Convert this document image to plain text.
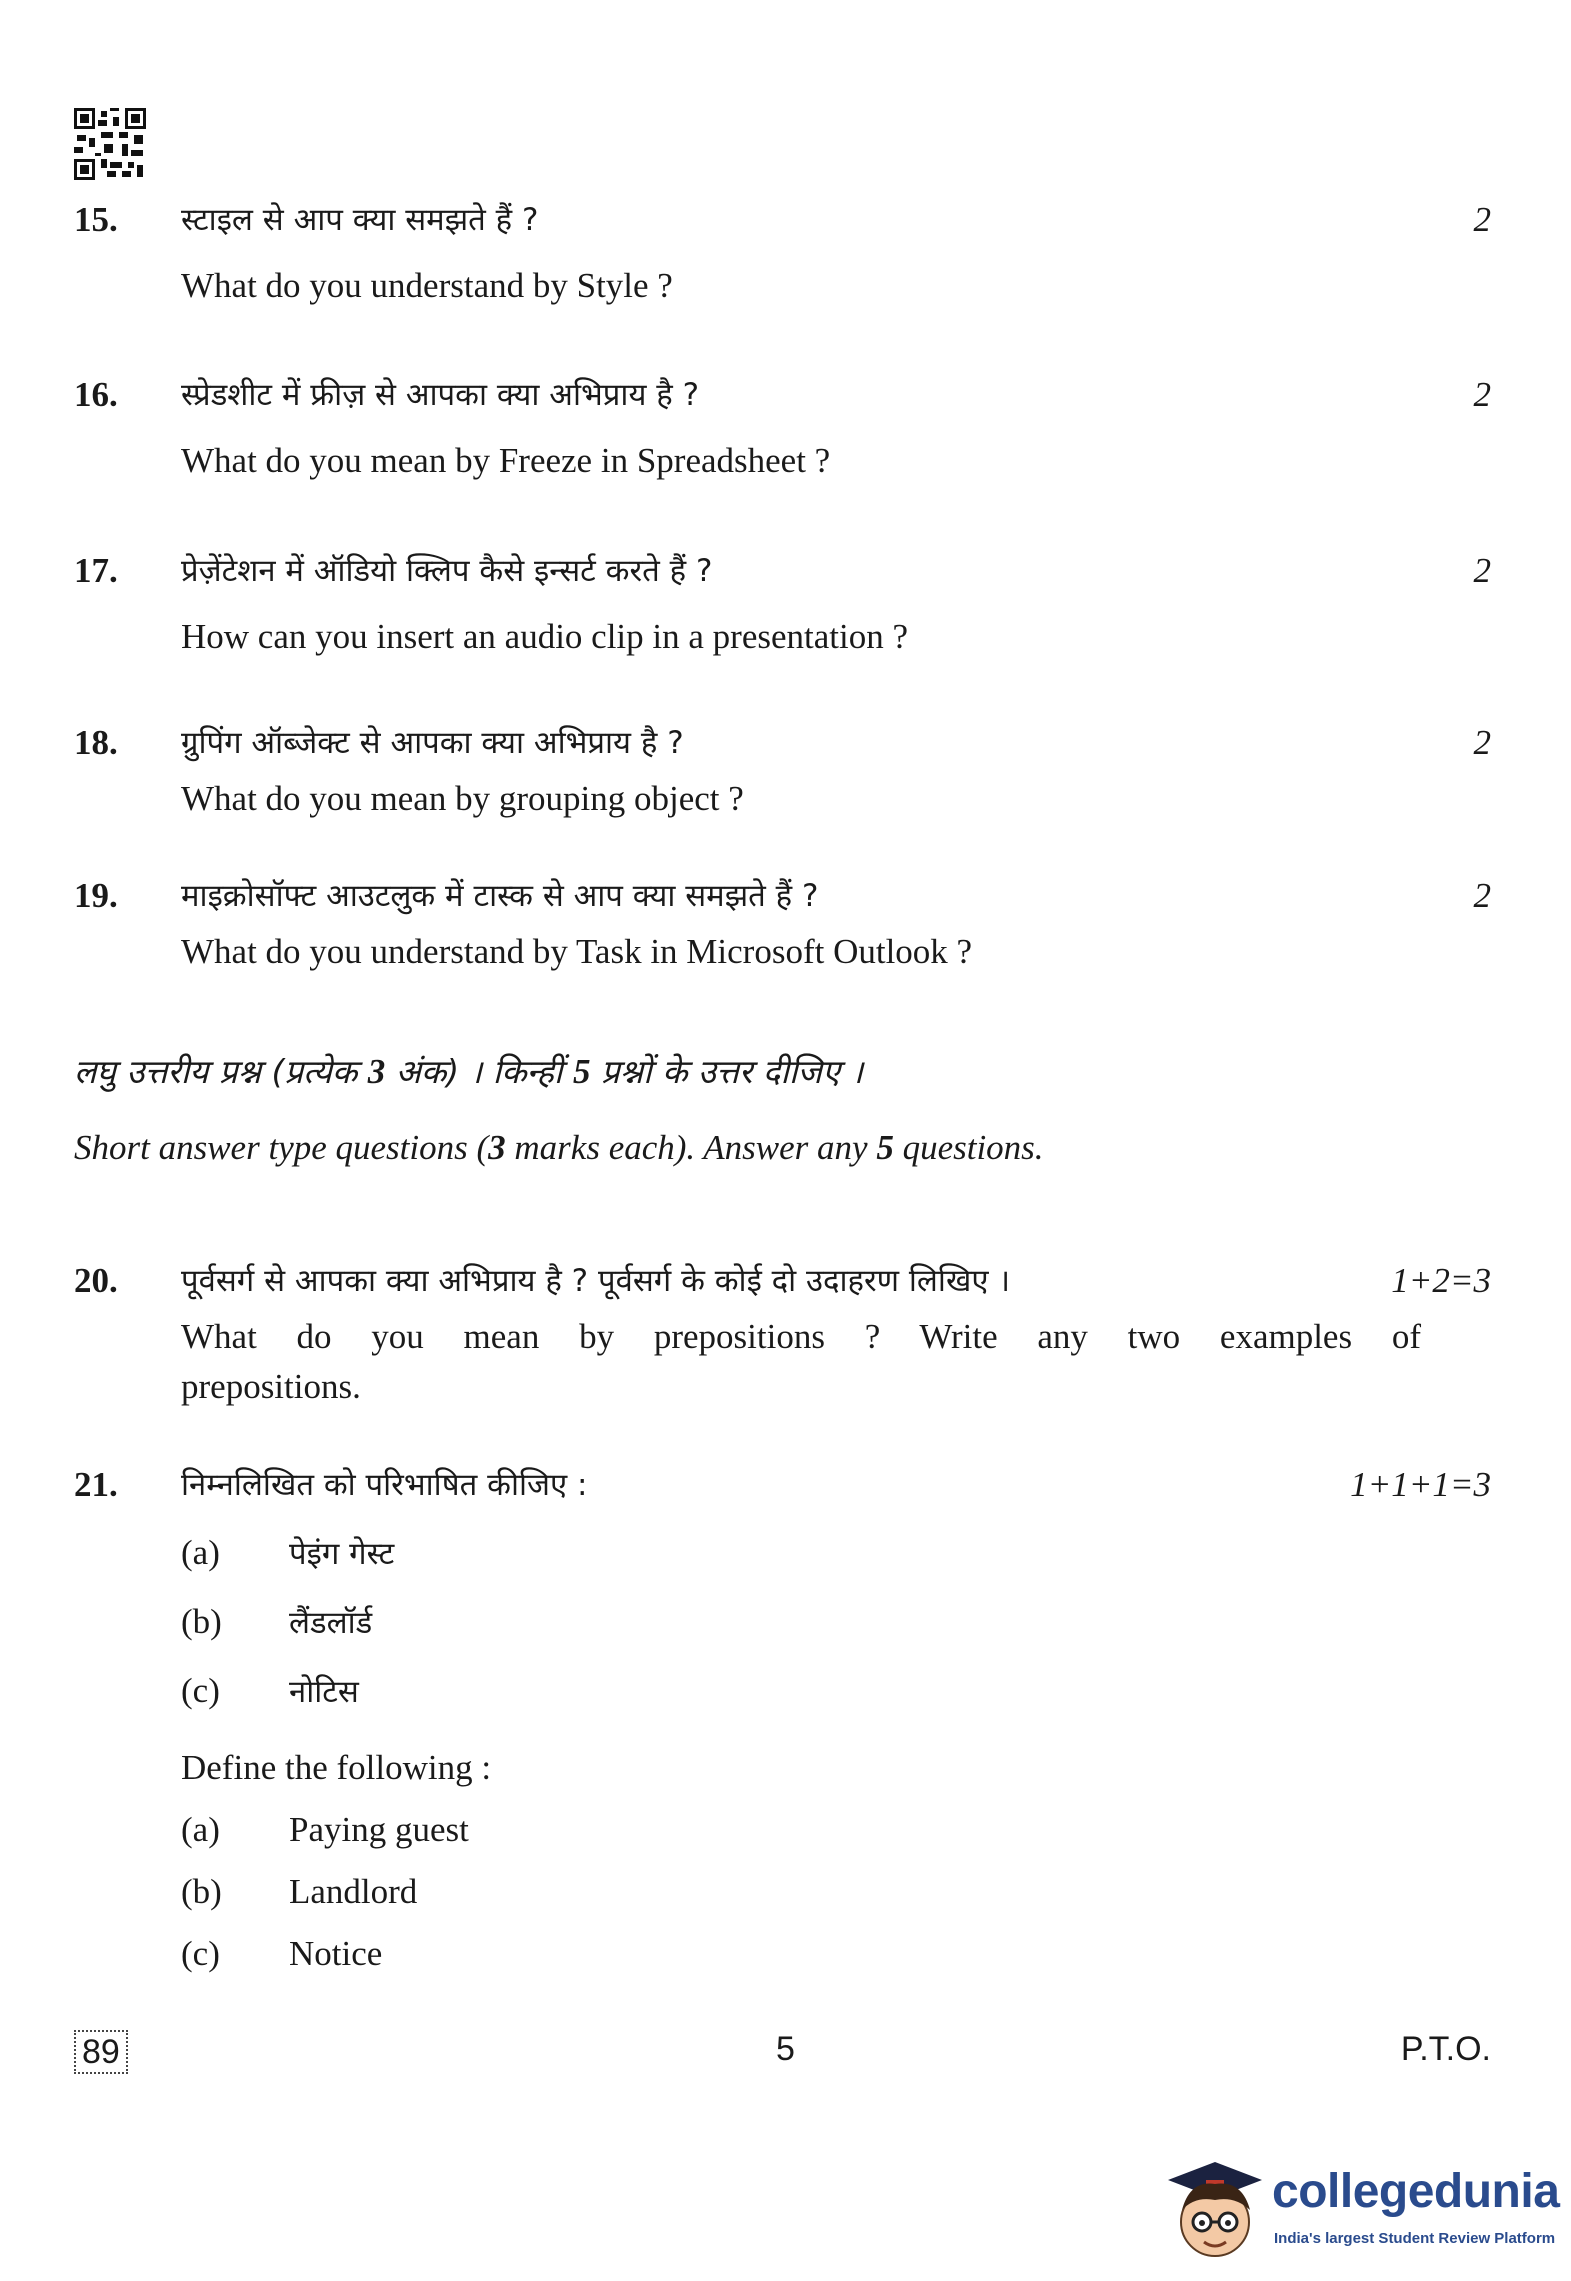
15. स्टाइल से आप क्या समझते हैं ?
What do you understand by Style ?
2
16. स्प्रेडशीट में फ्रीज़ से आपका क्या अभिप्राय है ?
What do you mean by Freeze in Spreadsheet ?
2
17. प्रेज़ेंटेशन में ऑडियो क्लिप कैसे इन्सर्ट करते हैं ?
How can you insert an audio clip in a presentation ?
2
18. ग्रुपिंग ऑब्जेक्ट से आपका क्या अभिप्राय है ?
What do you mean by grouping object ?
2
19. माइक्रोसॉफ्ट आउटलुक में टास्क से आप क्या समझते हैं ?
What do you understand by Task in Microsoft Outlook ?
2
लघु उत्तरीय प्रश्न (प्रत्येक 3 अंक) । किन्हीं 5 प्रश्नों के उत्तर दीजिए ।
Short answer type questions (3 marks each). Answer any 5 questions.
20. पूर्वसर्ग से आपका क्या अभिप्राय है ? पूर्वसर्ग के कोई दो उदाहरण लिखिए ।
What do you mean by prepositions ? Write any two examples of
prepositions.
1+2=3
21. निम्नलिखित को परिभाषित कीजिए :
(a) पेइंग गेस्ट
(b) लैंडलॉर्ड
(c) नोटिस
Define the following :
(a) Paying guest
(b) Landlord
(c) Notice
1+1+1=3
89	5	P.T.O.
collegedunia
India's largest Student Review Platform
